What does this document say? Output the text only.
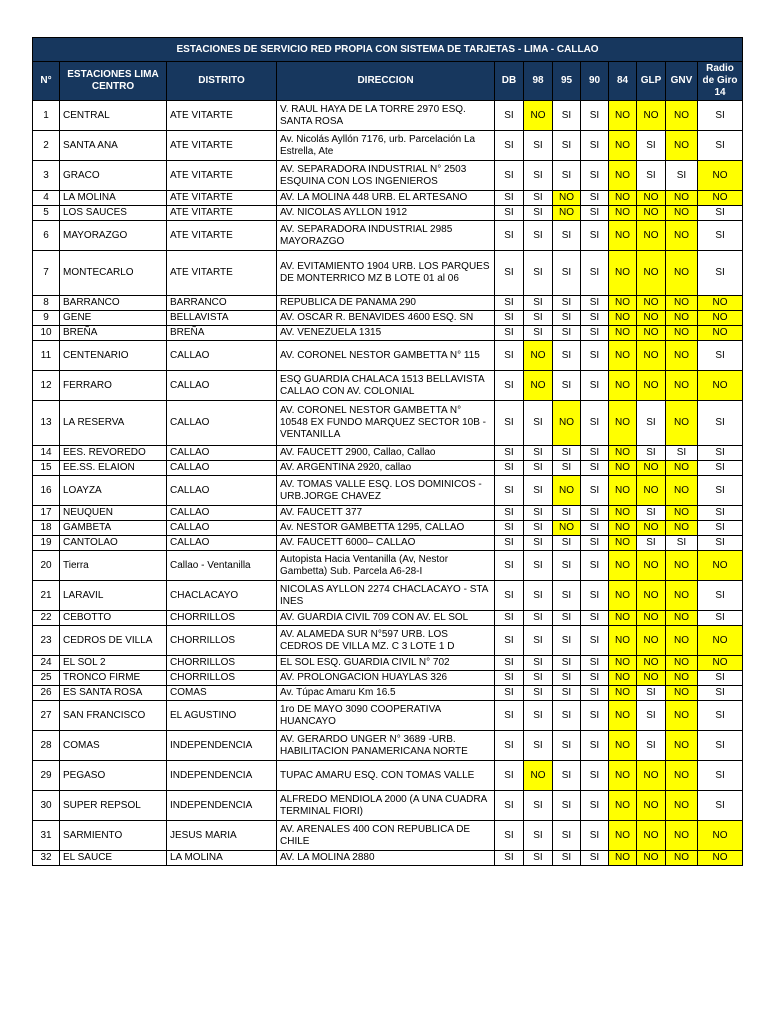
ESTACIONES DE SERVICIO RED PROPIA CON SISTEMA DE TARJETAS - LIMA - CALLAO											
N°	ESTACIONES LIMA CENTRO	DISTRITO	DIRECCION	DB	98	95	90	84	GLP	GNV	Radio de Giro 14
1	CENTRAL	ATE VITARTE	V. RAUL HAYA DE LA TORRE 2970 ESQ. SANTA ROSA	SI	NO	SI	SI	NO	NO	NO	SI
2	SANTA ANA	ATE VITARTE	Av. Nicolás Ayllón 7176, urb. Parcelación La Estrella, Ate	SI	SI	SI	SI	NO	SI	NO	SI
3	GRACO	ATE VITARTE	AV. SEPARADORA INDUSTRIAL N° 2503 ESQUINA CON LOS INGENIEROS	SI	SI	SI	SI	NO	SI	SI	NO
4	LA MOLINA	ATE VITARTE	AV. LA MOLINA 448 URB. EL ARTESANO	SI	SI	NO	SI	NO	NO	NO	NO
5	LOS SAUCES	ATE VITARTE	AV. NICOLAS AYLLON 1912	SI	SI	NO	SI	NO	NO	NO	SI
6	MAYORAZGO	ATE VITARTE	AV. SEPARADORA INDUSTRIAL 2985 MAYORAZGO	SI	SI	SI	SI	NO	NO	NO	SI
7	MONTECARLO	ATE VITARTE	AV. EVITAMIENTO 1904 URB. LOS PARQUES DE MONTERRICO MZ B LOTE 01 al 06	SI	SI	SI	SI	NO	NO	NO	SI
8	BARRANCO	BARRANCO	REPUBLICA DE PANAMA 290	SI	SI	SI	SI	NO	NO	NO	NO
9	GENE	BELLAVISTA	AV. OSCAR R. BENAVIDES 4600 ESQ. SN	SI	SI	SI	SI	NO	NO	NO	NO
10	BREÑA	BREÑA	AV. VENEZUELA 1315	SI	SI	SI	SI	NO	NO	NO	NO
11	CENTENARIO	CALLAO	AV. CORONEL NESTOR GAMBETTA N° 115	SI	NO	SI	SI	NO	NO	NO	SI
12	FERRARO	CALLAO	ESQ GUARDIA CHALACA 1513 BELLAVISTA CALLAO CON AV. COLONIAL	SI	NO	SI	SI	NO	NO	NO	NO
13	LA RESERVA	CALLAO	AV. CORONEL NESTOR GAMBETTA N° 10548 EX FUNDO MARQUEZ SECTOR 10B -VENTANILLA	SI	SI	NO	SI	NO	SI	NO	SI
14	EES. REVOREDO	CALLAO	AV. FAUCETT 2900, Callao, Callao	SI	SI	SI	SI	NO	SI	SI	SI
15	EE.SS. ELAION	CALLAO	AV. ARGENTINA 2920, callao	SI	SI	SI	SI	NO	NO	NO	SI
16	LOAYZA	CALLAO	AV. TOMAS VALLE ESQ. LOS DOMINICOS -URB.JORGE CHAVEZ	SI	SI	NO	SI	NO	NO	NO	SI
17	NEUQUEN	CALLAO	AV. FAUCETT 377	SI	SI	SI	SI	NO	SI	NO	SI
18	GAMBETA	CALLAO	Av. NESTOR GAMBETTA 1295, CALLAO	SI	SI	NO	SI	NO	NO	NO	SI
19	CANTOLAO	CALLAO	AV. FAUCETT 6000– CALLAO	SI	SI	SI	SI	NO	SI	SI	SI
20	Tierra	Callao - Ventanilla	Autopista Hacia Ventanilla (Av, Nestor Gambetta) Sub. Parcela A6-28-I	SI	SI	SI	SI	NO	NO	NO	NO
21	LARAVIL	CHACLACAYO	NICOLAS AYLLON 2274 CHACLACAYO - STA INES	SI	SI	SI	SI	NO	NO	NO	SI
22	CEBOTTO	CHORRILLOS	AV. GUARDIA CIVIL 709 CON AV. EL SOL	SI	SI	SI	SI	NO	NO	NO	SI
23	CEDROS DE VILLA	CHORRILLOS	AV. ALAMEDA SUR N°597 URB. LOS CEDROS DE VILLA MZ. C 3 LOTE 1 D	SI	SI	SI	SI	NO	NO	NO	NO
24	EL SOL 2	CHORRILLOS	EL SOL ESQ. GUARDIA CIVIL N° 702	SI	SI	SI	SI	NO	NO	NO	NO
25	TRONCO FIRME	CHORRILLOS	AV. PROLONGACION HUAYLAS 326	SI	SI	SI	SI	NO	NO	NO	SI
26	ES SANTA ROSA	COMAS	Av. Túpac Amaru Km 16.5	SI	SI	SI	SI	NO	SI	NO	SI
27	SAN FRANCISCO	EL AGUSTINO	1ro DE MAYO 3090 COOPERATIVA HUANCAYO	SI	SI	SI	SI	NO	SI	NO	SI
28	COMAS	INDEPENDENCIA	AV. GERARDO UNGER N° 3689 -URB. HABILITACION PANAMERICANA NORTE	SI	SI	SI	SI	NO	SI	NO	SI
29	PEGASO	INDEPENDENCIA	TUPAC AMARU ESQ. CON TOMAS VALLE	SI	NO	SI	SI	NO	NO	NO	SI
30	SUPER REPSOL	INDEPENDENCIA	ALFREDO MENDIOLA 2000 (A UNA CUADRA TERMINAL FIORI)	SI	SI	SI	SI	NO	NO	NO	SI
31	SARMIENTO	JESUS MARIA	AV. ARENALES 400 CON REPUBLICA DE CHILE	SI	SI	SI	SI	NO	NO	NO	NO
32	EL SAUCE	LA MOLINA	AV. LA MOLINA 2880	SI	SI	SI	SI	NO	NO	NO	NO
